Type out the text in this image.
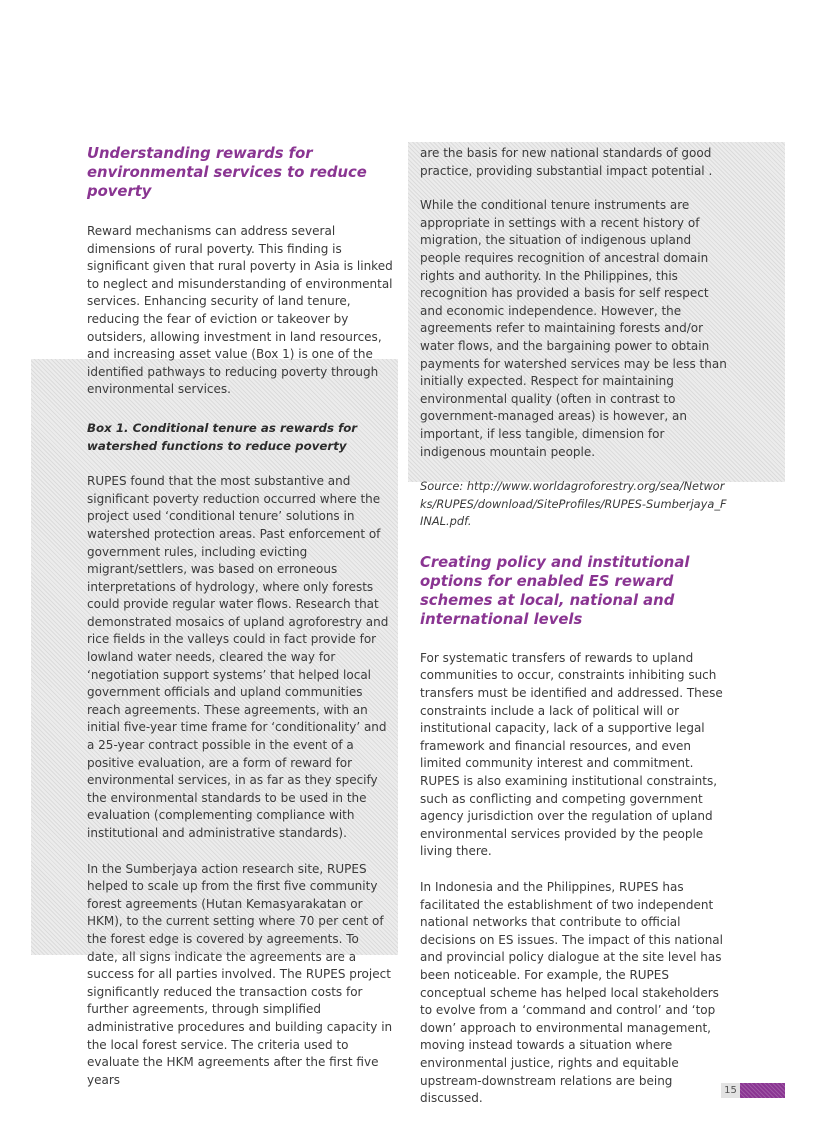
Understanding rewards for environmental services to reduce poverty

Reward mechanisms can address several dimensions of rural poverty. This finding is significant given that rural poverty in Asia is linked to neglect and misunderstanding of environmental services. Enhancing security of land tenure, reducing the fear of eviction or takeover by outsiders, allowing investment in land resources, and increasing asset value (Box 1) is one of the identified pathways to reducing poverty through environmental services.

Box 1. Conditional tenure as rewards for watershed functions to reduce poverty

RUPES found that the most substantive and significant poverty reduction occurred where the project used ‘conditional tenure’ solutions in watershed protection areas. Past enforcement of government rules, including evicting migrant/settlers, was based on erroneous interpretations of hydrology, where only forests could provide regular water flows. Research that demonstrated mosaics of upland agroforestry and rice fields in the valleys could in fact provide for lowland water needs, cleared the way for ‘negotiation support systems’ that helped local government officials and upland communities reach agreements. These agreements, with an initial five-year time frame for ‘conditionality’ and a 25-year contract possible in the event of a positive evaluation, are a form of reward for environmental services, in as far as they specify the environmental standards to be used in the evaluation (complementing compliance with institutional and administrative standards).

In the Sumberjaya action research site, RUPES helped to scale up from the first five community forest agreements (Hutan Kemasyarakatan or HKM), to the current setting where 70 per cent of the forest edge is covered by agreements. To date, all signs indicate the agreements are a success for all parties involved. The RUPES project significantly reduced the transaction costs for further agreements, through simplified administrative procedures and building capacity in the local forest service. The criteria used to evaluate the HKM agreements after the first five years

are the basis for new national standards of good practice, providing substantial impact potential .

While the conditional tenure instruments are appropriate in settings with a recent history of migration, the situation of indigenous upland people requires recognition of ancestral domain rights and authority. In the Philippines, this recognition has provided a basis for self respect and economic independence. However, the agreements refer to maintaining forests and/or water flows, and the bargaining power to obtain payments for watershed services may be less than initially expected. Respect for maintaining environmental quality (often in contrast to government-managed areas) is however, an important, if less tangible, dimension for indigenous mountain people.

Source: http://www.worldagroforestry.org/sea/Networks/RUPES/download/SiteProfiles/RUPES-Sumberjaya_FINAL.pdf.

Creating policy and institutional options for enabled ES reward schemes at local, national and international levels

For systematic transfers of rewards to upland communities to occur, constraints inhibiting such transfers must be identified and addressed. These constraints include a lack of political will or institutional capacity, lack of a supportive legal framework and financial resources, and even limited community interest and commitment. RUPES is also examining institutional constraints, such as conflicting and competing government agency jurisdiction over the regulation of upland environmental services provided by the people living there.

In Indonesia and the Philippines, RUPES has facilitated the establishment of two independent national networks that contribute to official decisions on ES issues. The impact of this national and provincial policy dialogue at the site level has been noticeable. For example, the RUPES conceptual scheme has helped local stakeholders to evolve from a ‘command and control’ and ‘top down’ approach to environmental management, moving instead towards a situation where environmental justice, rights and equitable upstream-downstream relations are being discussed.

15
